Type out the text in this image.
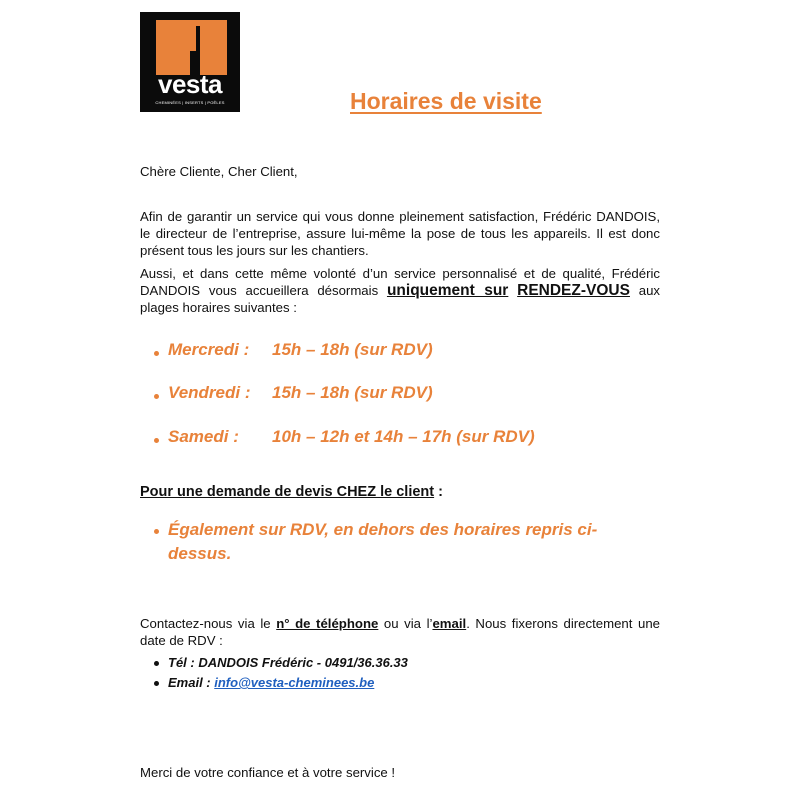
vesta
CHEMINÉES | INSERTS | POÊLES	Horaires de visite
Chère Cliente, Cher Client,
Afin de garantir un service qui vous donne pleinement satisfaction, Frédéric DANDOIS, le directeur de l’entreprise, assure lui-même la pose de tous les appareils. Il est donc présent tous les jours sur les chantiers.
Aussi, et dans cette même volonté d’un service personnalisé et de qualité, Frédéric DANDOIS vous accueillera désormais uniquement sur RENDEZ-VOUS aux plages horaires suivantes :
Mercredi : 15h – 18h (sur RDV)
Vendredi : 15h – 18h (sur RDV)
Samedi : 10h – 12h et 14h – 17h (sur RDV)
Pour une demande de devis CHEZ le client :
Également sur RDV, en dehors des horaires repris ci-dessus.
Contactez-nous via le n° de téléphone ou via l’email. Nous fixerons directement une date de RDV :
Tél : DANDOIS Frédéric - 0491/36.36.33
Email : info@vesta-cheminees.be
Merci de votre confiance et à votre service !
